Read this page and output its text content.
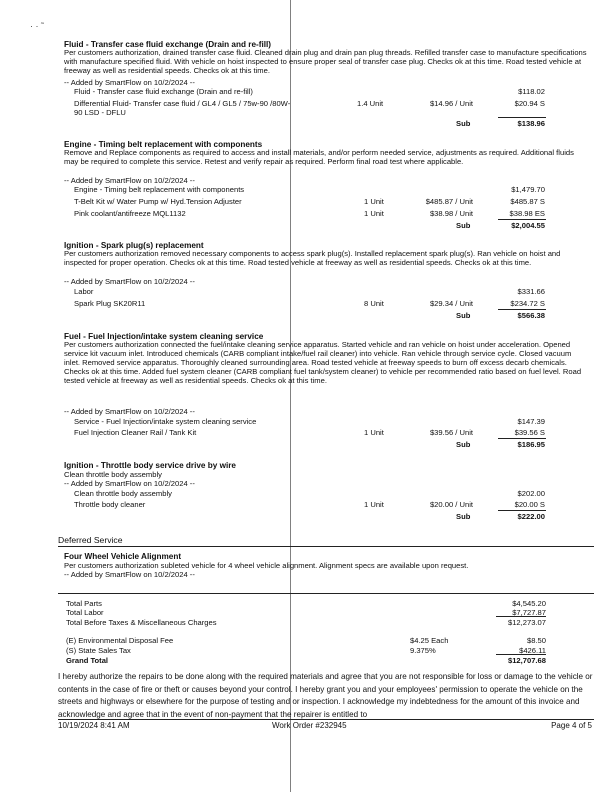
· · ˜
Fluid - Transfer case fluid exchange (Drain and re-fill)
Per customers authorization, drained transfer case fluid. Cleaned drain plug and drain pan plug threads. Refilled transfer case to manufacture specifications with manufacture specified fluid. With vehicle on hoist inspected to ensure proper seal of transfer case plug. Checks ok at this time. Road tested vehicle at freeway as well as residential speeds. Checks ok at this time.
-- Added by SmartFlow on 10/2/2024 --
Fluid - Transfer case fluid exchange (Drain and re-fill)	$118.02
Differential Fluid- Transfer case fluid / GL4 / GL5 / 75w-90 /80W-90 LSD - DFLU
1.4 Unit	$14.96 / Unit	$20.94 S
Sub	$138.96
Engine - Timing belt replacement with components
Remove and Replace components as required to access and install materials, and/or perform needed service, adjustments as required. Additional fluids may be required to complete this service. Retest and verify repair as required. Perform final road test where applicable.
-- Added by SmartFlow on 10/2/2024 --
Engine - Timing belt replacement with components	$1,479.70
T-Belt Kit w/ Water Pump w/ Hyd.Tension Adjuster	1 Unit	$485.87 / Unit	$485.87 S
Pink coolant/antifreeze MQL1132	1 Unit	$38.98 / Unit	$38.98 ES
Sub	$2,004.55
Ignition - Spark plug(s) replacement
Per customers authorization removed necessary components to access spark plug(s). Installed replacement spark plug(s). Ran vehicle on hoist and inspected for proper operation. Checks ok at this time. Road tested vehicle at freeway as well as residential speeds. Checks ok at this time.
-- Added by SmartFlow on 10/2/2024 --
Labor	$331.66
Spark Plug SK20R11	8 Unit	$29.34 / Unit	$234.72 S
Sub	$566.38
Fuel - Fuel Injection/intake system cleaning service
Per customers authorization connected the fuel/intake cleaning service apparatus. Started vehicle and ran vehicle on hoist under acceleration. Opened service kit vacuum inlet. Introduced chemicals (CARB compliant intake/fuel rail cleaner) into vehicle. Ran vehicle through service cycle. Closed vacuum inlet. Removed service apparatus. Thoroughly cleaned surrounding area. Road tested vehicle at freeway speeds to burn off excess decarb chemicals. Checks ok at this time. Added fuel system cleaner (CARB compliant fuel tank/system cleaner) to vehicle per recommended ratio based on fuel level. Road tested vehicle at freeway as well as residential speeds. Checks ok at this time.
-- Added by SmartFlow on 10/2/2024 --
Service - Fuel Injection/intake system cleaning service	$147.39
Fuel Injection Cleaner Rail / Tank Kit	1 Unit	$39.56 / Unit	$39.56 S
Sub	$186.95
Ignition - Throttle body service drive by wire
Clean throttle body assembly
-- Added by SmartFlow on 10/2/2024 --
Clean throttle body assembly	$202.00
Throttle body cleaner	1 Unit	$20.00 / Unit	$20.00 S
Sub	$222.00
Deferred Service
Four Wheel Vehicle Alignment
Per customers authorization subleted vehicle for 4 wheel vehicle alignment. Alignment specs are available upon request.
-- Added by SmartFlow on 10/2/2024 --
Total Parts	$4,545.20
Total Labor	$7,727.87
Total Before Taxes & Miscellaneous Charges	$12,273.07
(E) Environmental Disposal Fee	$4.25 Each	$8.50
(S) State Sales Tax	9.375%	$426.11
Grand Total	$12,707.68
I hereby authorize the repairs to be done along with the required materials and agree that you are not responsible for loss or damage to the vehicle or contents in the case of fire or theft or causes beyond your control. I hereby grant you and your employees' permission to operate the vehicle on the streets and highways or elsewhere for the purpose of testing and or inspection. I acknowledge my indebtedness for the amount of this invoice and acknowledge and agree that in the event of non-payment that the repairer is entitled to
10/19/2024 8:41 AM	Work Order #232945	Page 4 of 5
